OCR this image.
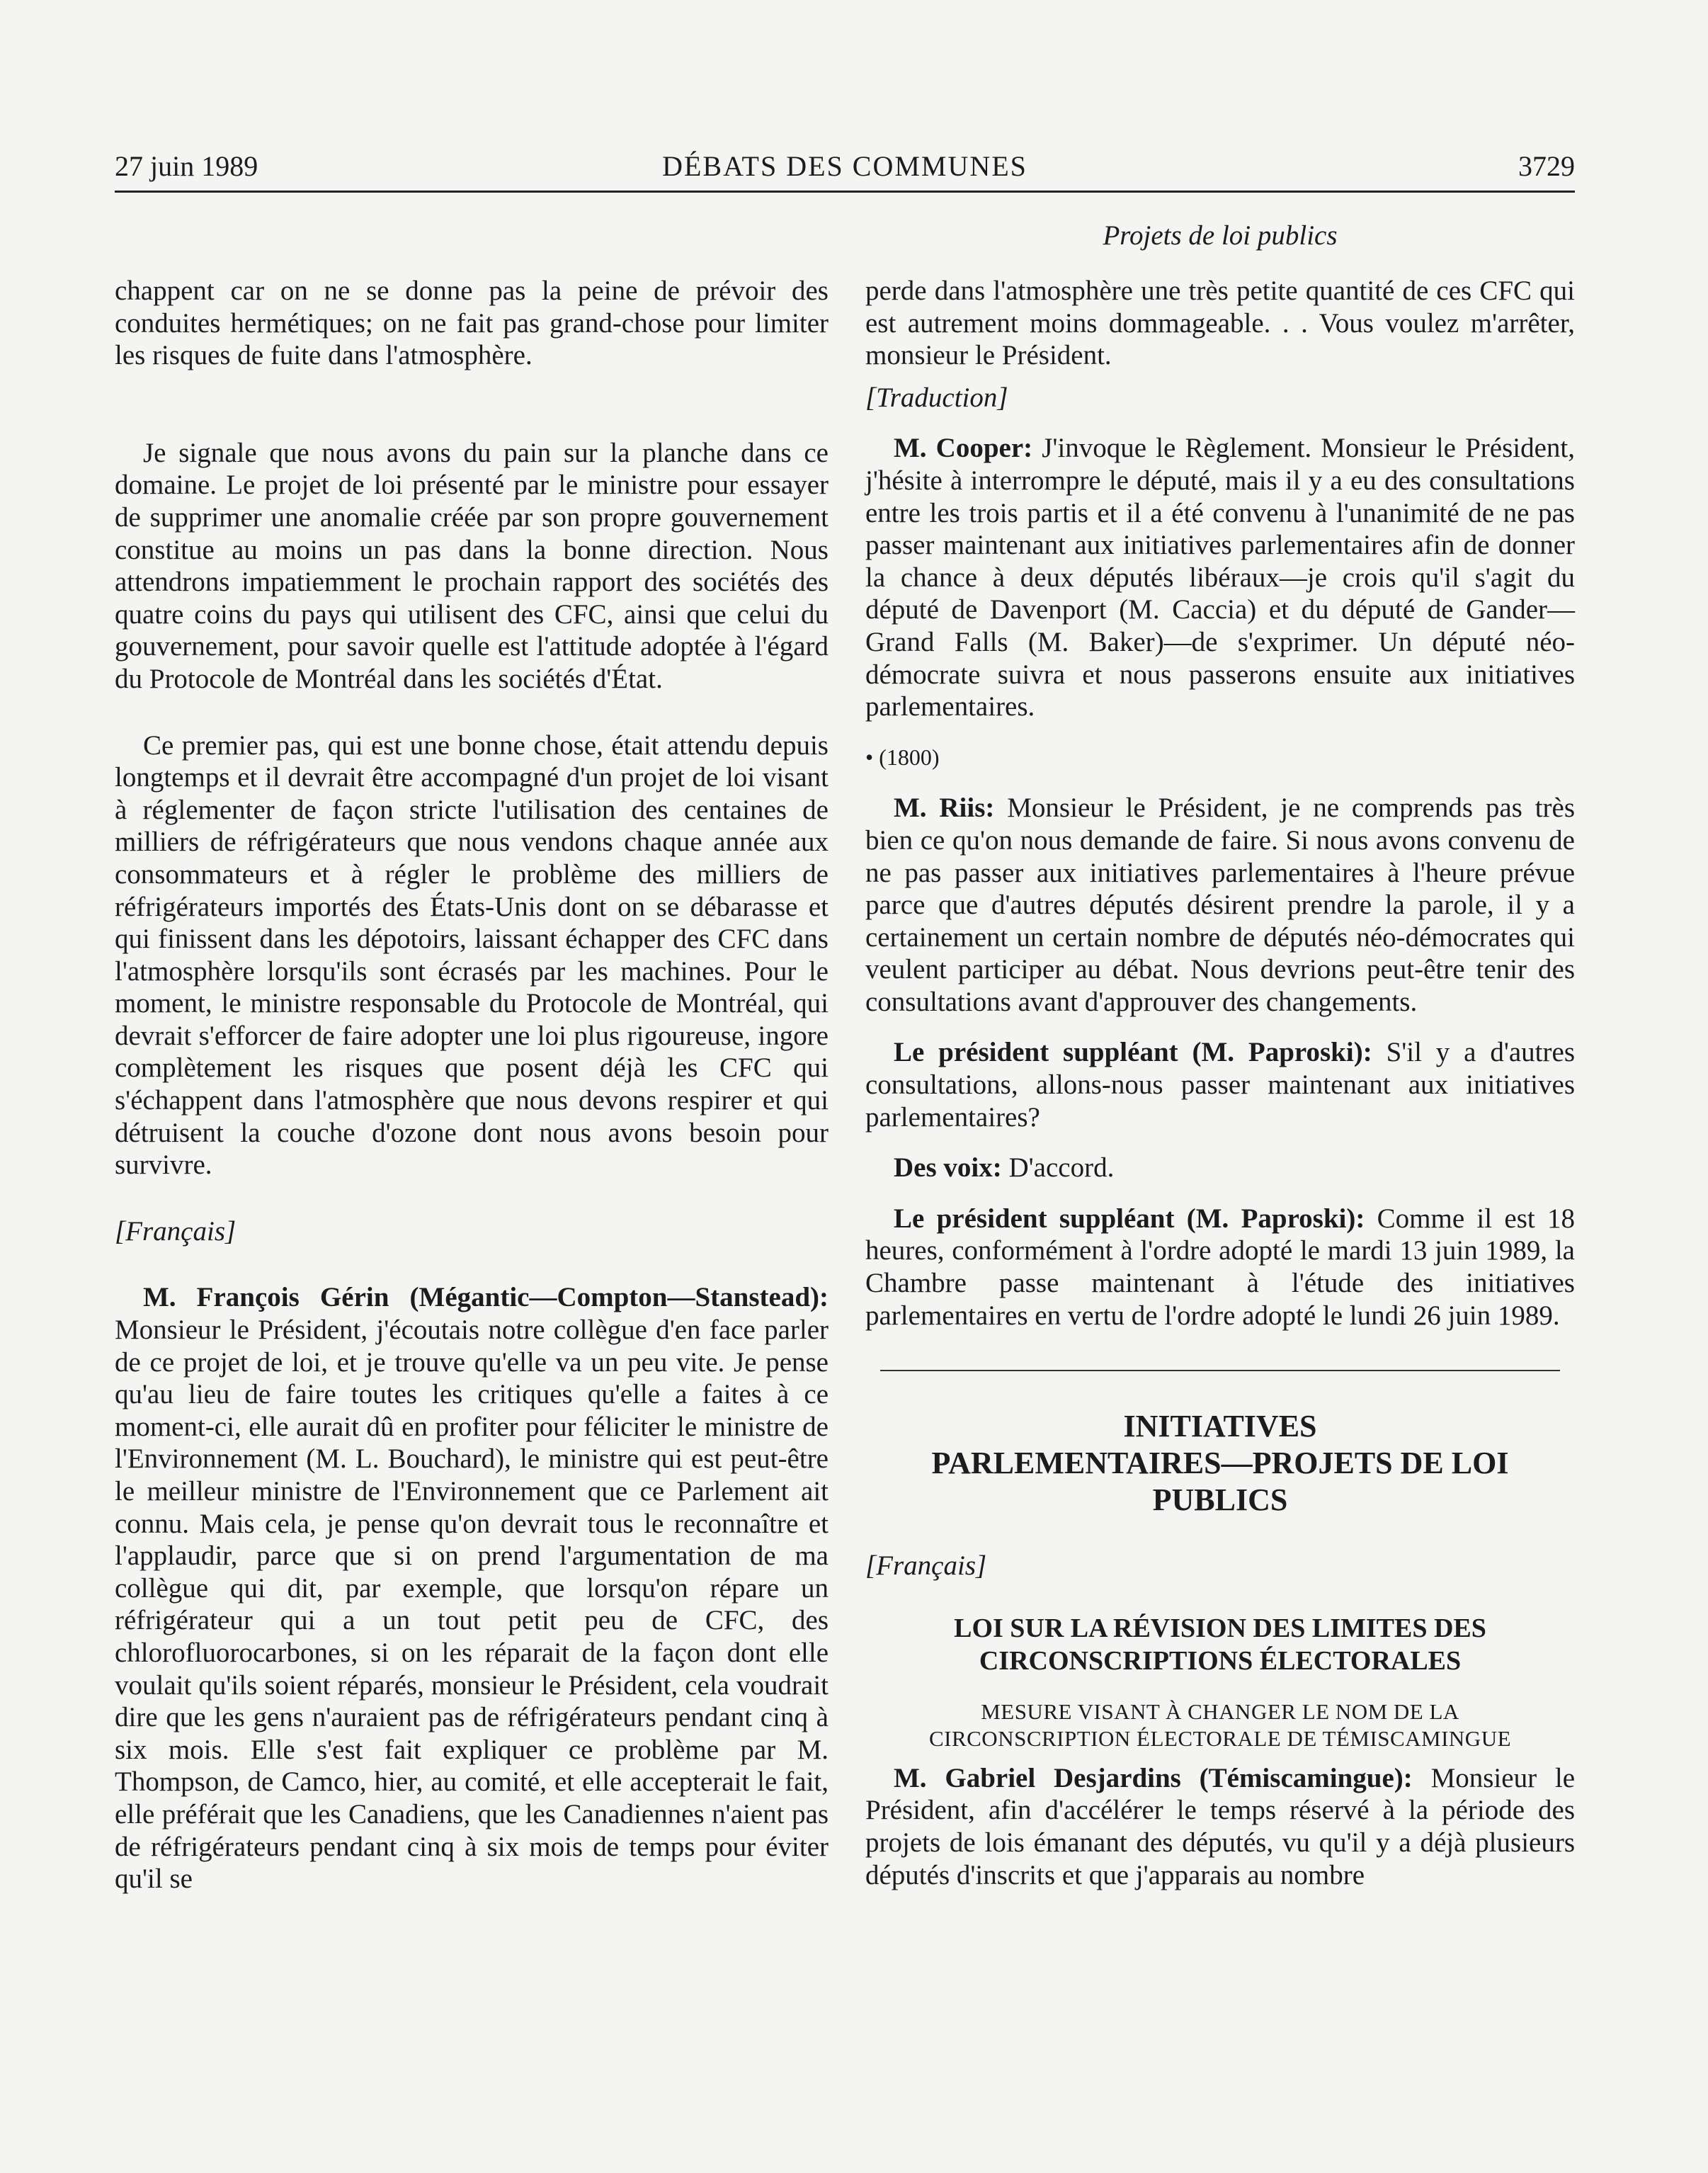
27 juin 1989	DÉBATS DES COMMUNES	3729
Projets de loi publics

chappent car on ne se donne pas la peine de prévoir des conduites hermétiques; on ne fait pas grand-chose pour limiter les risques de fuite dans l'atmosphère.

Je signale que nous avons du pain sur la planche dans ce domaine. Le projet de loi présenté par le ministre pour essayer de supprimer une anomalie créée par son propre gouvernement constitue au moins un pas dans la bonne direction. Nous attendrons impatiemment le prochain rapport des sociétés des quatre coins du pays qui utilisent des CFC, ainsi que celui du gouvernement, pour savoir quelle est l'attitude adoptée à l'égard du Protocole de Montréal dans les sociétés d'État.

Ce premier pas, qui est une bonne chose, était attendu depuis longtemps et il devrait être accompagné d'un projet de loi visant à réglementer de façon stricte l'utilisation des centaines de milliers de réfrigérateurs que nous vendons chaque année aux consommateurs et à régler le problème des milliers de réfrigérateurs importés des États-Unis dont on se débarasse et qui finissent dans les dépotoirs, laissant échapper des CFC dans l'atmosphère lorsqu'ils sont écrasés par les machines. Pour le moment, le ministre responsable du Protocole de Montréal, qui devrait s'efforcer de faire adopter une loi plus rigoureuse, ingore complètement les risques que posent déjà les CFC qui s'échappent dans l'atmosphère que nous devons respirer et qui détruisent la couche d'ozone dont nous avons besoin pour survivre.

[Français]

M. François Gérin (Mégantic—Compton—Stanstead): Monsieur le Président, j'écoutais notre collègue d'en face parler de ce projet de loi, et je trouve qu'elle va un peu vite. Je pense qu'au lieu de faire toutes les critiques qu'elle a faites à ce moment-ci, elle aurait dû en profiter pour féliciter le ministre de l'Environnement (M. L. Bouchard), le ministre qui est peut-être le meilleur ministre de l'Environnement que ce Parlement ait connu. Mais cela, je pense qu'on devrait tous le reconnaître et l'applaudir, parce que si on prend l'argumentation de ma collègue qui dit, par exemple, que lorsqu'on répare un réfrigérateur qui a un tout petit peu de CFC, des chlorofluorocarbones, si on les réparait de la façon dont elle voulait qu'ils soient réparés, monsieur le Président, cela voudrait dire que les gens n'auraient pas de réfrigérateurs pendant cinq à six mois. Elle s'est fait expliquer ce problème par M. Thompson, de Camco, hier, au comité, et elle accepterait le fait, elle préférait que les Canadiens, que les Canadiennes n'aient pas de réfrigérateurs pendant cinq à six mois de temps pour éviter qu'il se

perde dans l'atmosphère une très petite quantité de ces CFC qui est autrement moins dommageable. . . Vous voulez m'arrêter, monsieur le Président.

[Traduction]

M. Cooper: J'invoque le Règlement. Monsieur le Président, j'hésite à interrompre le député, mais il y a eu des consultations entre les trois partis et il a été convenu à l'unanimité de ne pas passer maintenant aux initiatives parlementaires afin de donner la chance à deux députés libéraux—je crois qu'il s'agit du député de Davenport (M. Caccia) et du député de Gander—Grand Falls (M. Baker)—de s'exprimer. Un député néo-démocrate suivra et nous passerons ensuite aux initiatives parlementaires.

• (1800)

M. Riis: Monsieur le Président, je ne comprends pas très bien ce qu'on nous demande de faire. Si nous avons convenu de ne pas passer aux initiatives parlementaires à l'heure prévue parce que d'autres députés désirent prendre la parole, il y a certainement un certain nombre de députés néo-démocrates qui veulent participer au débat. Nous devrions peut-être tenir des consultations avant d'approuver des changements.

Le président suppléant (M. Paproski): S'il y a d'autres consultations, allons-nous passer maintenant aux initiatives parlementaires?

Des voix: D'accord.

Le président suppléant (M. Paproski): Comme il est 18 heures, conformément à l'ordre adopté le mardi 13 juin 1989, la Chambre passe maintenant à l'étude des initiatives parlementaires en vertu de l'ordre adopté le lundi 26 juin 1989.

INITIATIVES
PARLEMENTAIRES—PROJETS DE LOI
PUBLICS

[Français]

LOI SUR LA RÉVISION DES LIMITES DES
CIRCONSCRIPTIONS ÉLECTORALES
MESURE VISANT À CHANGER LE NOM DE LA
CIRCONSCRIPTION ÉLECTORALE DE TÉMISCAMINGUE

M. Gabriel Desjardins (Témiscamingue): Monsieur le Président, afin d'accélérer le temps réservé à la période des projets de lois émanant des députés, vu qu'il y a déjà plusieurs députés d'inscrits et que j'apparais au nombre
